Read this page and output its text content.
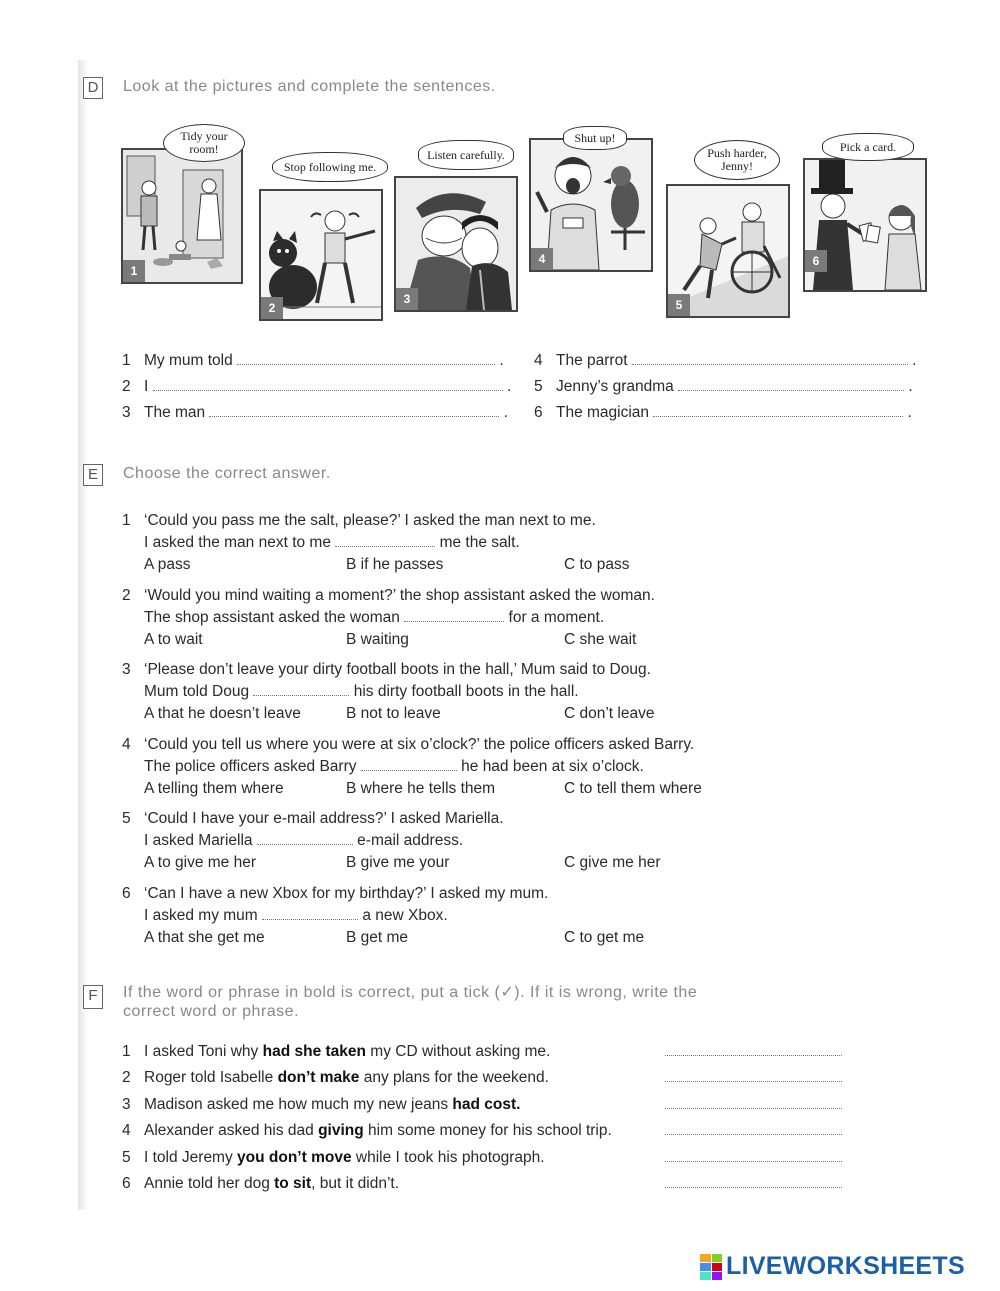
D Look at the pictures and complete the sentences.
1
Tidy your room!
2
Stop following me.
3
Listen carefully.
4
Shut up!
5
Push harder, Jenny!
6
Pick a card.
1 My mum told	.
2 I	.
3 The man	.
4 The parrot	.
5 Jenny’s grandma	.
6 The magician	.
E	Choose the correct answer.
1 ‘Could you pass me the salt, please?’ I asked the man next to me.
I asked the man next to me	me the salt.
A pass	B if he passes	C to pass
2 ‘Would you mind waiting a moment?’ the shop assistant asked the woman.
The shop assistant asked the woman	for a moment.
A to wait	B waiting	C she wait
3 ‘Please don’t leave your dirty football boots in the hall,’ Mum said to Doug.
Mum told Doug	his dirty football boots in the hall.
A that he doesn’t leave	B not to leave	C don’t leave
4 ‘Could you tell us where you were at six o’clock?’ the police officers asked Barry.
The police officers asked Barry	he had been at six o’clock.
A telling them where	B where he tells them	C to tell them where
5 ‘Could I have your e-mail address?’ I asked Mariella.
I asked Mariella	e-mail address.
A to give me her	B give me your	C give me her
6 ‘Can I have a new Xbox for my birthday?’ I asked my mum.
I asked my mum	a new Xbox.
A that she get me	B get me	C to get me
F	If the word or phrase in bold is correct, put a tick (✓). If it is wrong, write the
correct word or phrase.
1 I asked Toni why had she taken my CD without asking me.
2 Roger told Isabelle don’t make any plans for the weekend.
3 Madison asked me how much my new jeans had cost.
4 Alexander asked his dad giving him some money for his school trip.
5 I told Jeremy you don’t move while I took his photograph.
6 Annie told her dog to sit, but it didn’t.
LIVEWORKSHEETS
